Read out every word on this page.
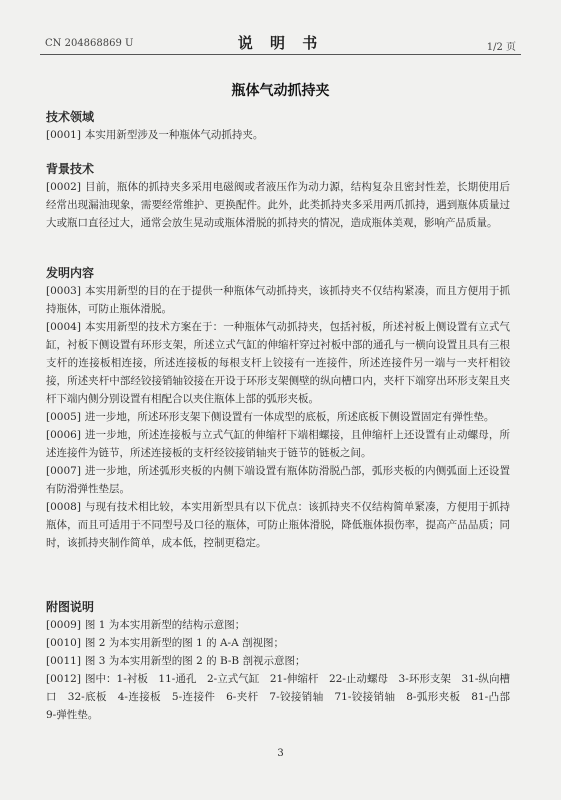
CN 204868869 U	说 明 书	1/2 页
瓶体气动抓持夹
技术领域
[0001] 本实用新型涉及一种瓶体气动抓持夹。
背景技术
[0002] 目前，瓶体的抓持夹多采用电磁阀或者液压作为动力源，结构复杂且密封性差，长期使用后经常出现漏油现象，需要经常维护、更换配件。此外，此类抓持夹多采用两爪抓持，遇到瓶体质量过大或瓶口直径过大，通常会放生晃动或瓶体滑脱的抓持夹的情况，造成瓶体美观，影响产品质量。
发明内容
[0003] 本实用新型的目的在于提供一种瓶体气动抓持夹，该抓持夹不仅结构紧凑，而且方便用于抓持瓶体，可防止瓶体滑脱。
[0004] 本实用新型的技术方案在于：一种瓶体气动抓持夹，包括衬板，所述衬板上侧设置有立式气缸，衬板下侧设置有环形支架，所述立式气缸的伸缩杆穿过衬板中部的通孔与一横向设置且具有三根支杆的连接板相连接，所述连接板的每根支杆上铰接有一连接件，所述连接件另一端与一夹杆相铰接，所述夹杆中部经铰接销轴铰接在开设于环形支架侧壁的纵向槽口内，夹杆下端穿出环形支架且夹杆下端内侧分别设置有相配合以夹住瓶体上部的弧形夹板。
[0005] 进一步地，所述环形支架下侧设置有一体成型的底板，所述底板下侧设置固定有弹性垫。
[0006] 进一步地，所述连接板与立式气缸的伸缩杆下端相螺接，且伸缩杆上还设置有止动螺母，所述连接件为链节，所述连接板的支杆经铰接销轴夹于链节的链板之间。
[0007] 进一步地，所述弧形夹板的内侧下端设置有瓶体防滑脱凸部，弧形夹板的内侧弧面上还设置有防滑弹性垫层。
[0008] 与现有技术相比较，本实用新型具有以下优点：该抓持夹不仅结构简单紧凑，方便用于抓持瓶体，而且可适用于不同型号及口径的瓶体，可防止瓶体滑脱，降低瓶体损伤率，提高产品品质；同时，该抓持夹制作简单，成本低，控制更稳定。
附图说明
[0009] 图 1 为本实用新型的结构示意图；
[0010] 图 2 为本实用新型的图 1 的 A-A 剖视图；
[0011] 图 3 为本实用新型的图 2 的 B-B 剖视示意图；
[0012] 图中：1-衬板　11-通孔　2-立式气缸　21-伸缩杆　22-止动螺母　3-环形支架　31-纵向槽口　32-底板　4-连接板　5-连接件　6-夹杆　7-铰接销轴　71-铰接销轴　8-弧形夹板　81-凸部　9-弹性垫。
3
